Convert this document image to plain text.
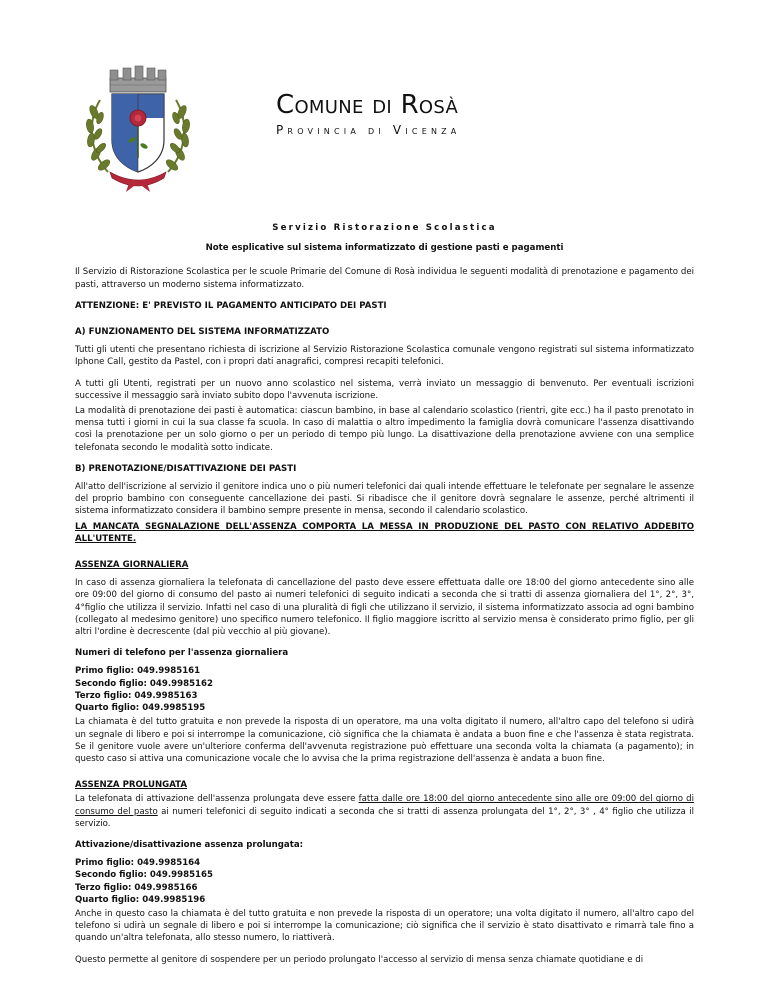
Comune di Rosà
Provincia di Vicenza
Servizio Ristorazione Scolastica
Note esplicative sul sistema informatizzato di gestione pasti e pagamenti

Il Servizio di Ristorazione Scolastica per le scuole Primarie del Comune di Rosà individua le seguenti modalità di prenotazione e pagamento dei pasti, attraverso un moderno sistema informatizzato.

ATTENZIONE: E' PREVISTO IL PAGAMENTO ANTICIPATO DEI PASTI
A) FUNZIONAMENTO DEL SISTEMA INFORMATIZZATO

Tutti gli utenti che presentano richiesta di iscrizione al Servizio Ristorazione Scolastica comunale vengono registrati sul sistema informatizzato Iphone Call, gestito da Pastel, con i propri dati anagrafici, compresi recapiti telefonici.

A tutti gli Utenti, registrati per un nuovo anno scolastico nel sistema, verrà inviato un messaggio di benvenuto. Per eventuali iscrizioni successive il messaggio sarà inviato subito dopo l'avvenuta iscrizione.

La modalità di prenotazione dei pasti è automatica: ciascun bambino, in base al calendario scolastico (rientri, gite ecc.) ha il pasto prenotato in mensa tutti i giorni in cui la sua classe fa scuola. In caso di malattia o altro impedimento la famiglia dovrà comunicare l'assenza disattivando così la prenotazione per un solo giorno o per un periodo di tempo più lungo. La disattivazione della prenotazione avviene con una semplice telefonata secondo le modalità sotto indicate.

B) PRENOTAZIONE/DISATTIVAZIONE DEI PASTI

All'atto dell'iscrizione al servizio il genitore indica uno o più numeri telefonici dai quali intende effettuare le telefonate per segnalare le assenze del proprio bambino con conseguente cancellazione dei pasti. Si ribadisce che il genitore dovrà segnalare le assenze, perché altrimenti il sistema informatizzato considera il bambino sempre presente in mensa, secondo il calendario scolastico.

LA MANCATA SEGNALAZIONE DELL'ASSENZA COMPORTA LA MESSA IN PRODUZIONE DEL PASTO CON RELATIVO ADDEBITO ALL'UTENTE.

ASSENZA GIORNALIERA

In caso di assenza giornaliera la telefonata di cancellazione del pasto deve essere effettuata dalle ore 18:00 del giorno antecedente sino alle ore 09:00 del giorno di consumo del pasto ai numeri telefonici di seguito indicati a seconda che si tratti di assenza giornaliera del 1°, 2°, 3°, 4°figlio che utilizza il servizio. Infatti nel caso di una pluralità di figli che utilizzano il servizio, il sistema informatizzato associa ad ogni bambino (collegato al medesimo genitore) uno specifico numero telefonico. Il figlio maggiore iscritto al servizio mensa è considerato primo figlio, per gli altri l'ordine è decrescente (dal più vecchio al più giovane).

Numeri di telefono per l'assenza giornaliera
Primo figlio: 049.9985161
Secondo figlio: 049.9985162
Terzo figlio: 049.9985163
Quarto figlio: 049.9985195

La chiamata è del tutto gratuita e non prevede la risposta di un operatore, ma una volta digitato il numero, all'altro capo del telefono si udirà un segnale di libero e poi si interrompe la comunicazione, ciò significa che la chiamata è andata a buon fine e che l'assenza è stata registrata. Se il genitore vuole avere un'ulteriore conferma dell'avvenuta registrazione può effettuare una seconda volta la chiamata (a pagamento); in questo caso si attiva una comunicazione vocale che lo avvisa che la prima registrazione dell'assenza è andata a buon fine.

ASSENZA PROLUNGATA

La telefonata di attivazione dell'assenza prolungata deve essere fatta dalle ore 18:00 del giorno antecedente sino alle ore 09:00 del giorno di consumo del pasto ai numeri telefonici di seguito indicati a seconda che si tratti di assenza prolungata del 1°, 2°, 3° , 4° figlio che utilizza il servizio.

Attivazione/disattivazione assenza prolungata:
Primo figlio: 049.9985164
Secondo figlio: 049.9985165
Terzo figlio: 049.9985166
Quarto figlio: 049.9985196

Anche in questo caso la chiamata è del tutto gratuita e non prevede la risposta di un operatore; una volta digitato il numero, all'altro capo del telefono si udirà un segnale di libero e poi si interrompe la comunicazione; ciò significa che il servizio è stato disattivato e rimarrà tale fino a quando un'altra telefonata, allo stesso numero, lo riattiverà.

Questo permette al genitore di sospendere per un periodo prolungato l'accesso al servizio di mensa senza chiamate quotidiane e di
